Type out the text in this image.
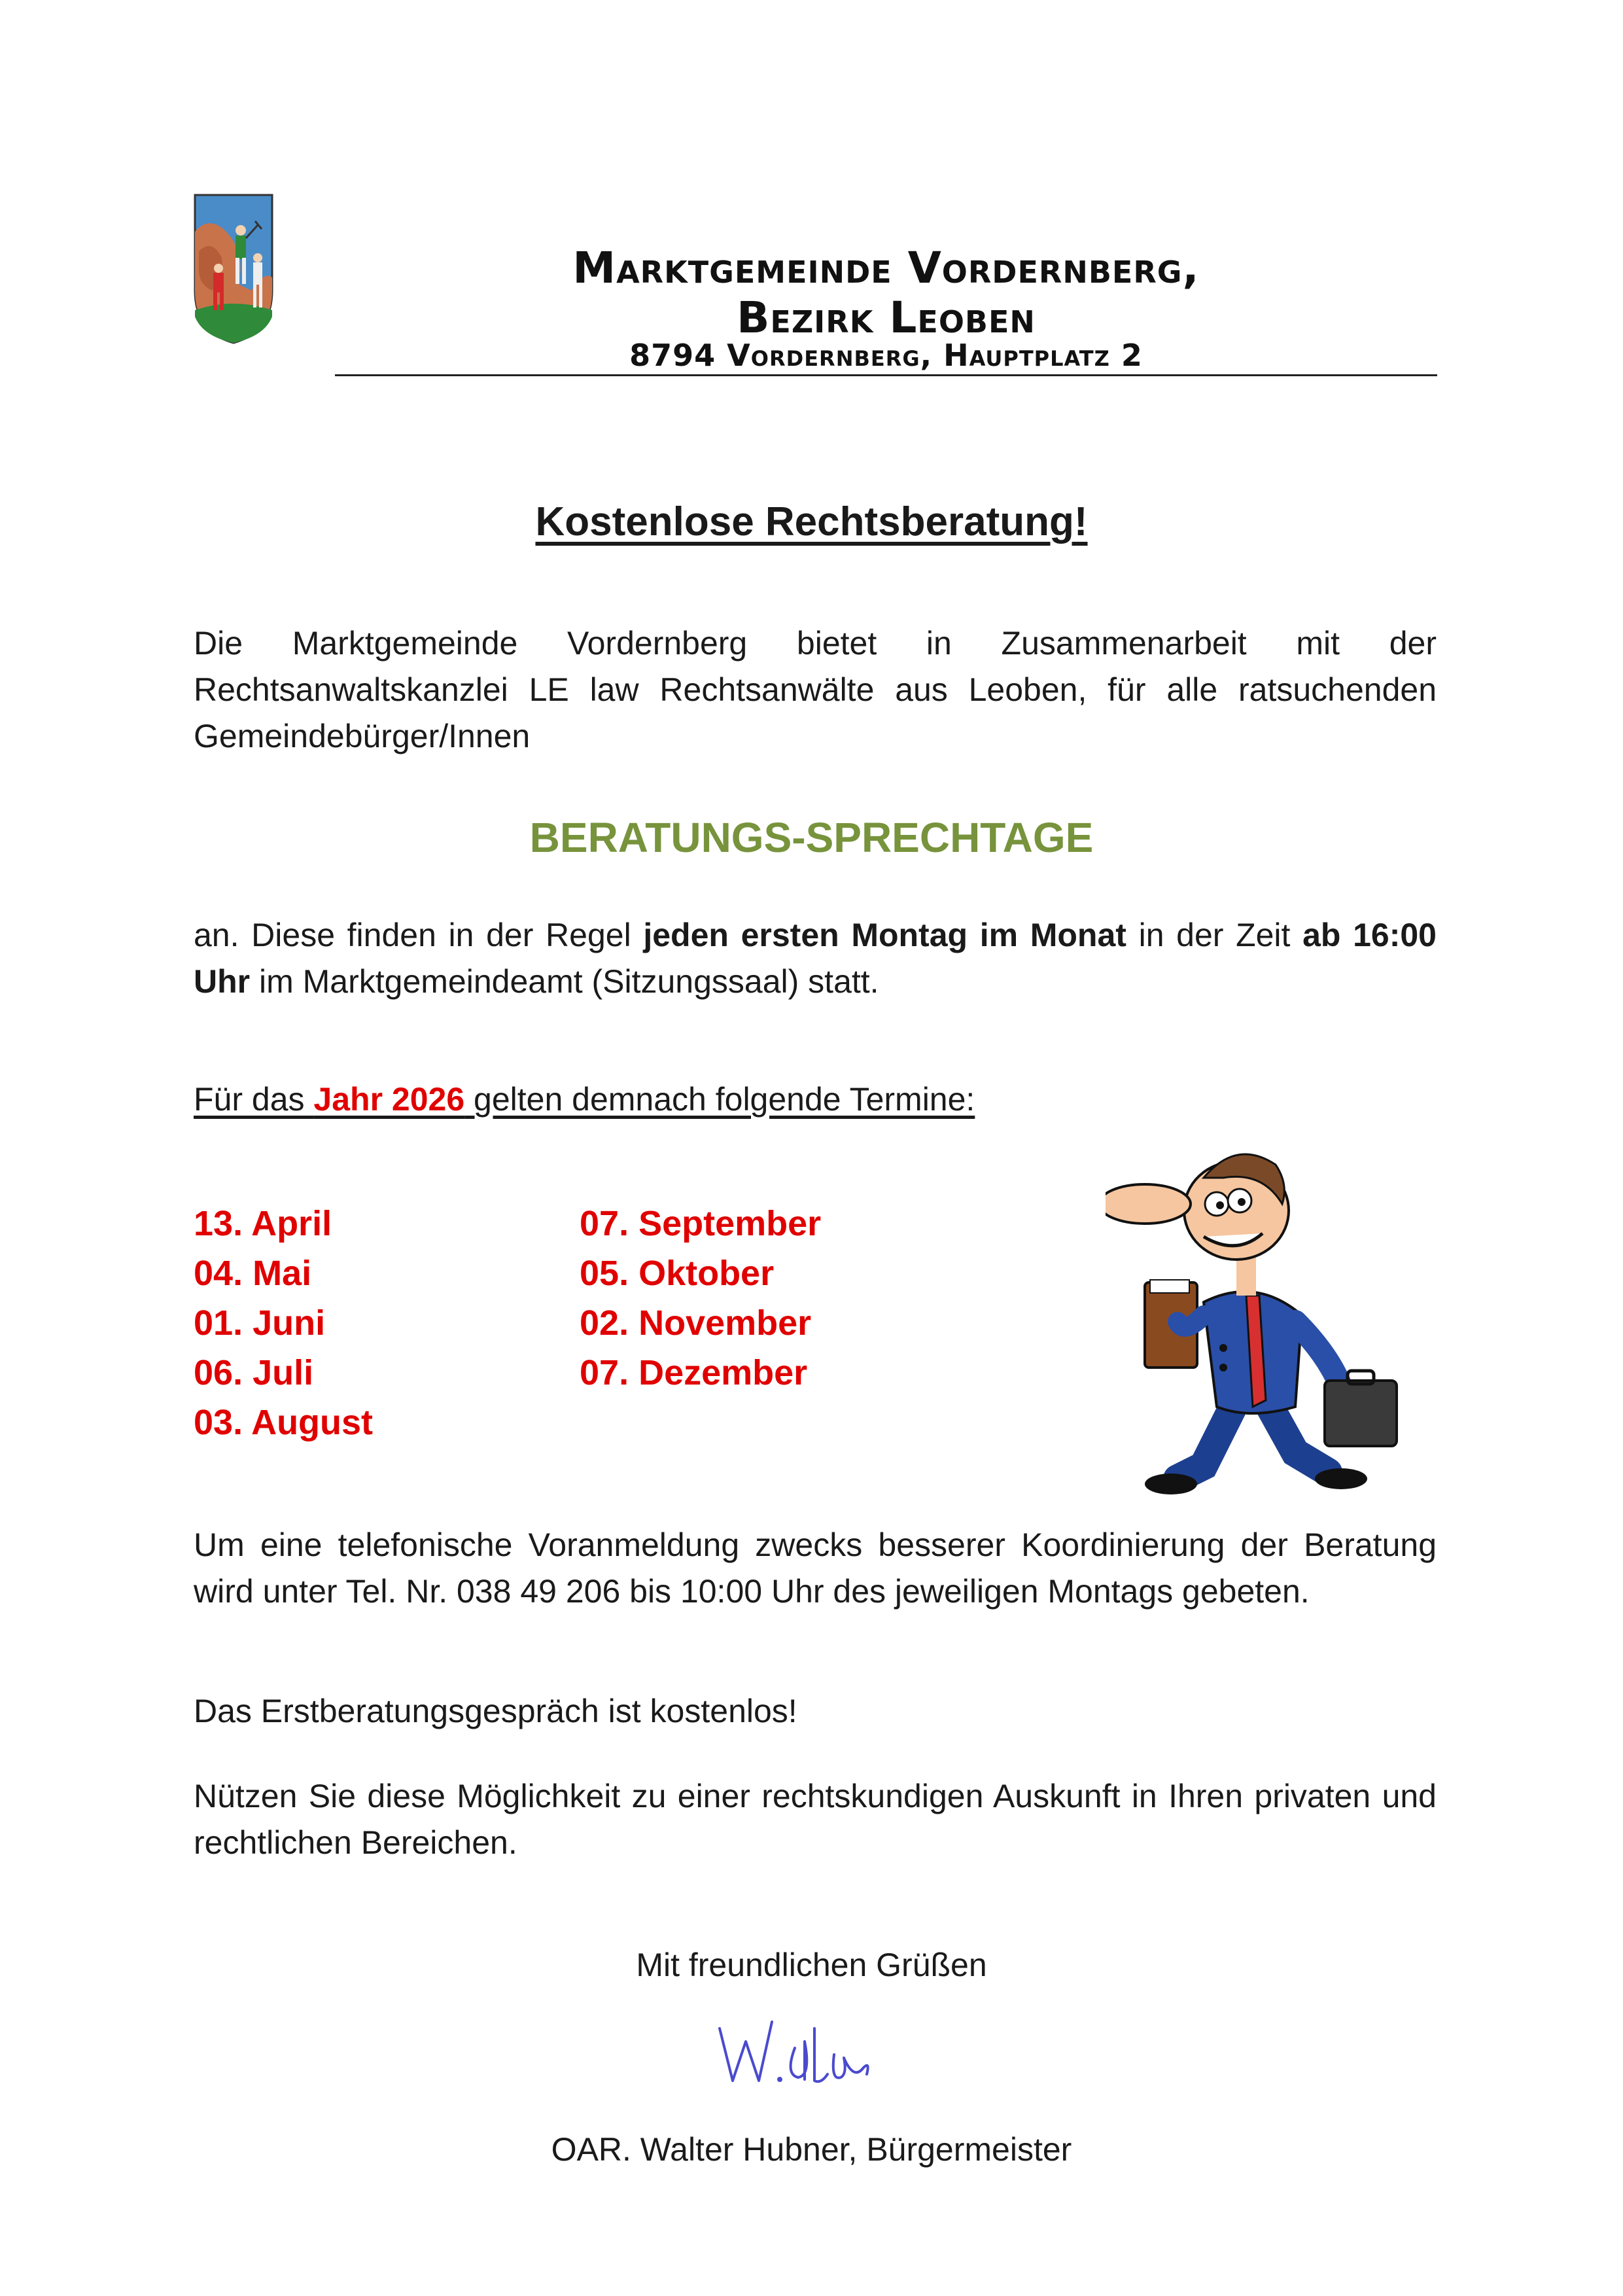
Marktgemeinde Vordernberg,
Bezirk Leoben
8794 Vordernberg, Hauptplatz 2
Kostenlose Rechtsberatung!
Die Marktgemeinde Vordernberg bietet in Zusammenarbeit mit der Rechtsanwaltskanzlei LE law Rechtsanwälte aus Leoben, für alle ratsuchenden Gemeindebürger/Innen
BERATUNGS-SPRECHTAGE
an. Diese finden in der Regel jeden ersten Montag im Monat in der Zeit ab 16:00 Uhr im Marktgemeindeamt (Sitzungssaal) statt.
Für das Jahr 2026 gelten demnach folgende Termine:
13. April
04. Mai
01. Juni
06. Juli
03. August
07. September
05. Oktober
02. November
07. Dezember
Um eine telefonische Voranmeldung zwecks besserer Koordinierung der Beratung wird unter Tel. Nr. 038 49 206 bis 10:00 Uhr des jeweiligen Montags gebeten.
Das Erstberatungsgespräch ist kostenlos!
Nützen Sie diese Möglichkeit zu einer rechtskundigen Auskunft in Ihren privaten und rechtlichen Bereichen.
Mit freundlichen Grüßen
OAR. Walter Hubner, Bürgermeister
